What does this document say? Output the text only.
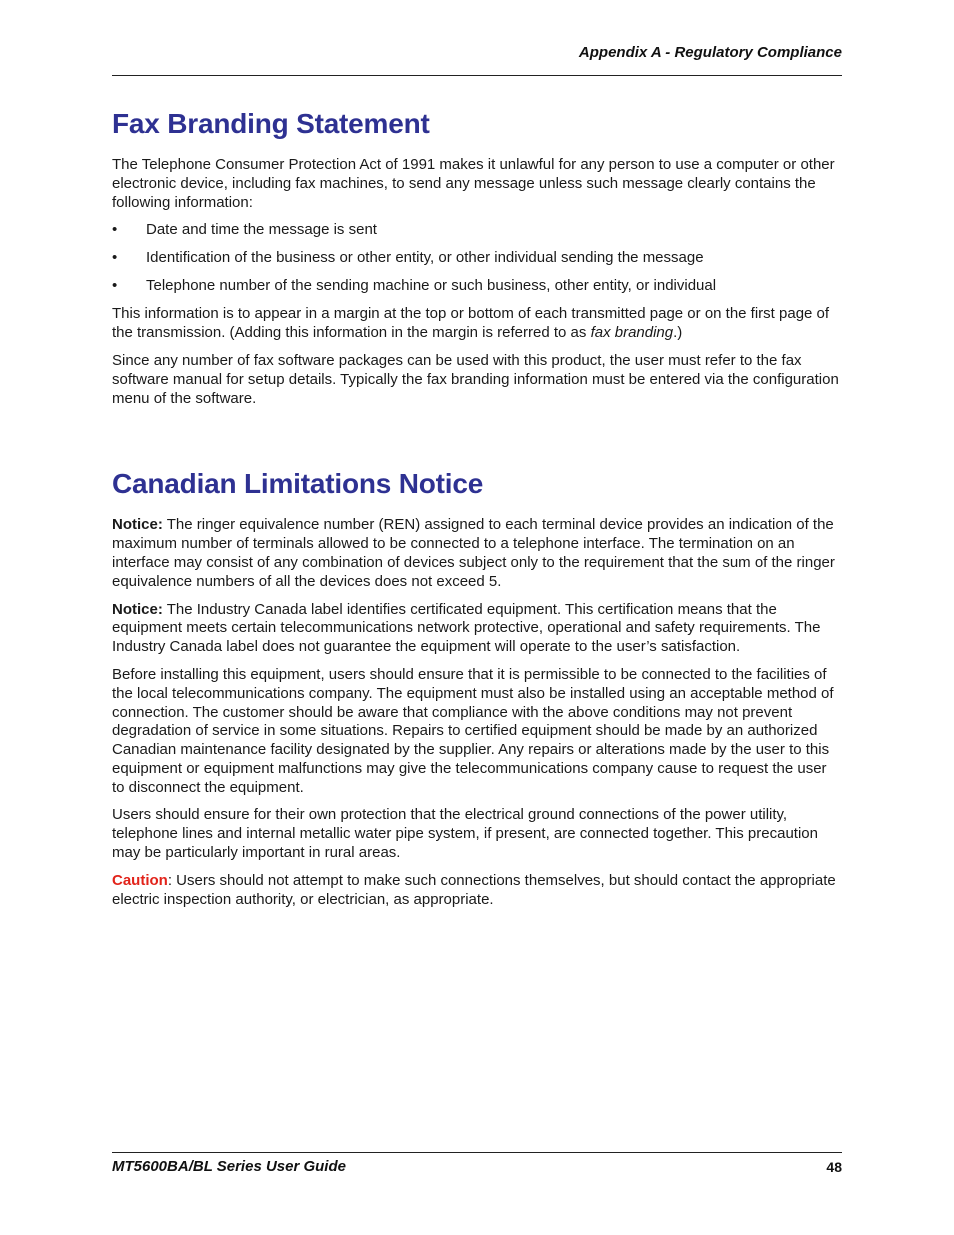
Appendix A - Regulatory Compliance
Fax Branding Statement

The Telephone Consumer Protection Act of 1991 makes it unlawful for any person to use a computer or other electronic device, including fax machines, to send any message unless such message clearly contains the following information:

•	Date and time the message is sent
•	Identification of the business or other entity, or other individual sending the message
•	Telephone number of the sending machine or such business, other entity, or individual

This information is to appear in a margin at the top or bottom of each transmitted page or on the first page of the transmission. (Adding this information in the margin is referred to as fax branding.)

Since any number of fax software packages can be used with this product, the user must refer to the fax software manual for setup details. Typically the fax branding information must be entered via the configuration menu of the software.

Canadian Limitations Notice

Notice: The ringer equivalence number (REN) assigned to each terminal device provides an indication of the maximum number of terminals allowed to be connected to a telephone interface. The termination on an interface may consist of any combination of devices subject only to the requirement that the sum of the ringer equivalence numbers of all the devices does not exceed 5.

Notice: The Industry Canada label identifies certificated equipment. This certification means that the equipment meets certain telecommunications network protective, operational and safety requirements. The Industry Canada label does not guarantee the equipment will operate to the user’s satisfaction.

Before installing this equipment, users should ensure that it is permissible to be connected to the facilities of the local telecommunications company. The equipment must also be installed using an acceptable method of connection. The customer should be aware that compliance with the above conditions may not prevent degradation of service in some situations. Repairs to certified equipment should be made by an authorized Canadian maintenance facility designated by the supplier. Any repairs or alterations made by the user to this equipment or equipment malfunctions may give the telecommunications company cause to request the user to disconnect the equipment.

Users should ensure for their own protection that the electrical ground connections of the power utility, telephone lines and internal metallic water pipe system, if present, are connected together. This precaution may be particularly important in rural areas.

Caution: Users should not attempt to make such connections themselves, but should contact the appropriate electric inspection authority, or electrician, as appropriate.

MT5600BA/BL Series User Guide	48
